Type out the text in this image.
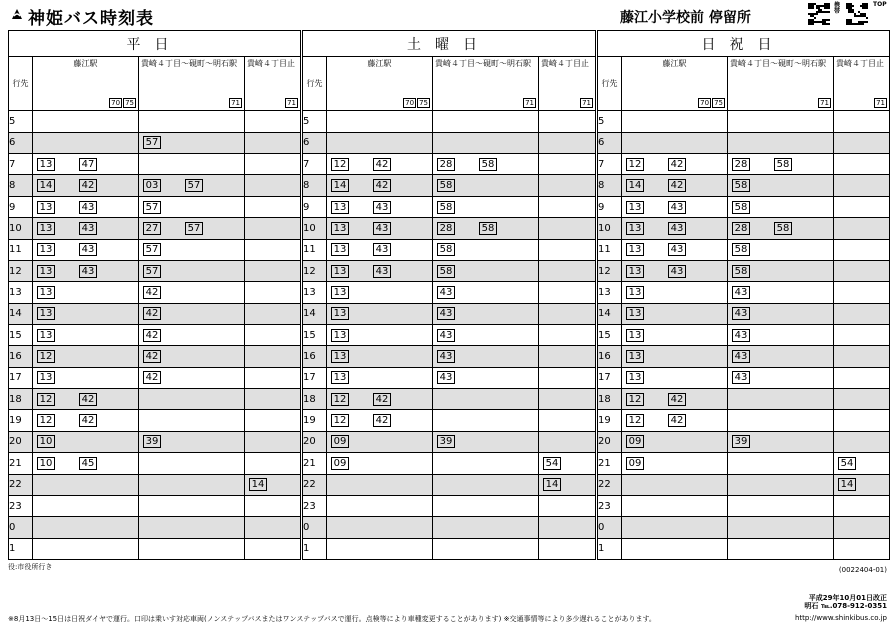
神姫バス時刻表	藤江小学校前 停留所
携帯
TOP
平日			
行先	藤江駅
70 75	貴崎４丁目～硯町～明石駅
71	貴崎４丁目止
71

5	

6		57	

7	13 47		

8	14 42	03 57	

9	13 43	57	

10	13 43	27 57	

11	13 43	57	

12	13 43	57	

13	13	42	

14	13	42	

15	13	42	

16	12	42	

17	13	42	

18	12 42		

19	12 42		

20	10	39	

21	10 45		

22			14

23	

0	

1	

土曜日			
行先	藤江駅
70 75	貴崎４丁目～硯町～明石駅
71	貴崎４丁目止
71

5	

6	

7	12 42	28 58	

8	14 42	58	

9	13 43	58	

10	13 43	28 58	

11	13 43	58	

12	13 43	58	

13	13	43	

14	13	43	

15	13	43	

16	13	43	

17	13	43	

18	12 42		

19	12 42		

20	09	39	

21	09		54

22			14

23	

0	

1	

日祝日			
行先	藤江駅
70 75	貴崎４丁目～硯町～明石駅
71	貴崎４丁目止
71

5	

6	

7	12 42	28 58	

8	14 42	58	

9	13 43	58	

10	13 43	28 58	

11	13 43	58	

12	13 43	58	

13	13	43	

14	13	43	

15	13	43	

16	13	43	

17	13	43	

18	12 42		

19	12 42		

20	09	39	

21	09		54

22			14

23	

0	

1	

役:市役所行き	(0022404-01)
平成29年10月01日改正
明石 ℡.078-912-0351
※8月13日～15日は日祝ダイヤで運行。口印は乗いす対応車両(ノンステップバスまたはワンステップバスで運行。点検等により車種変更することがあります) ※交通事情等により多少遅れることがあります。	http://www.shinkibus.co.jp
